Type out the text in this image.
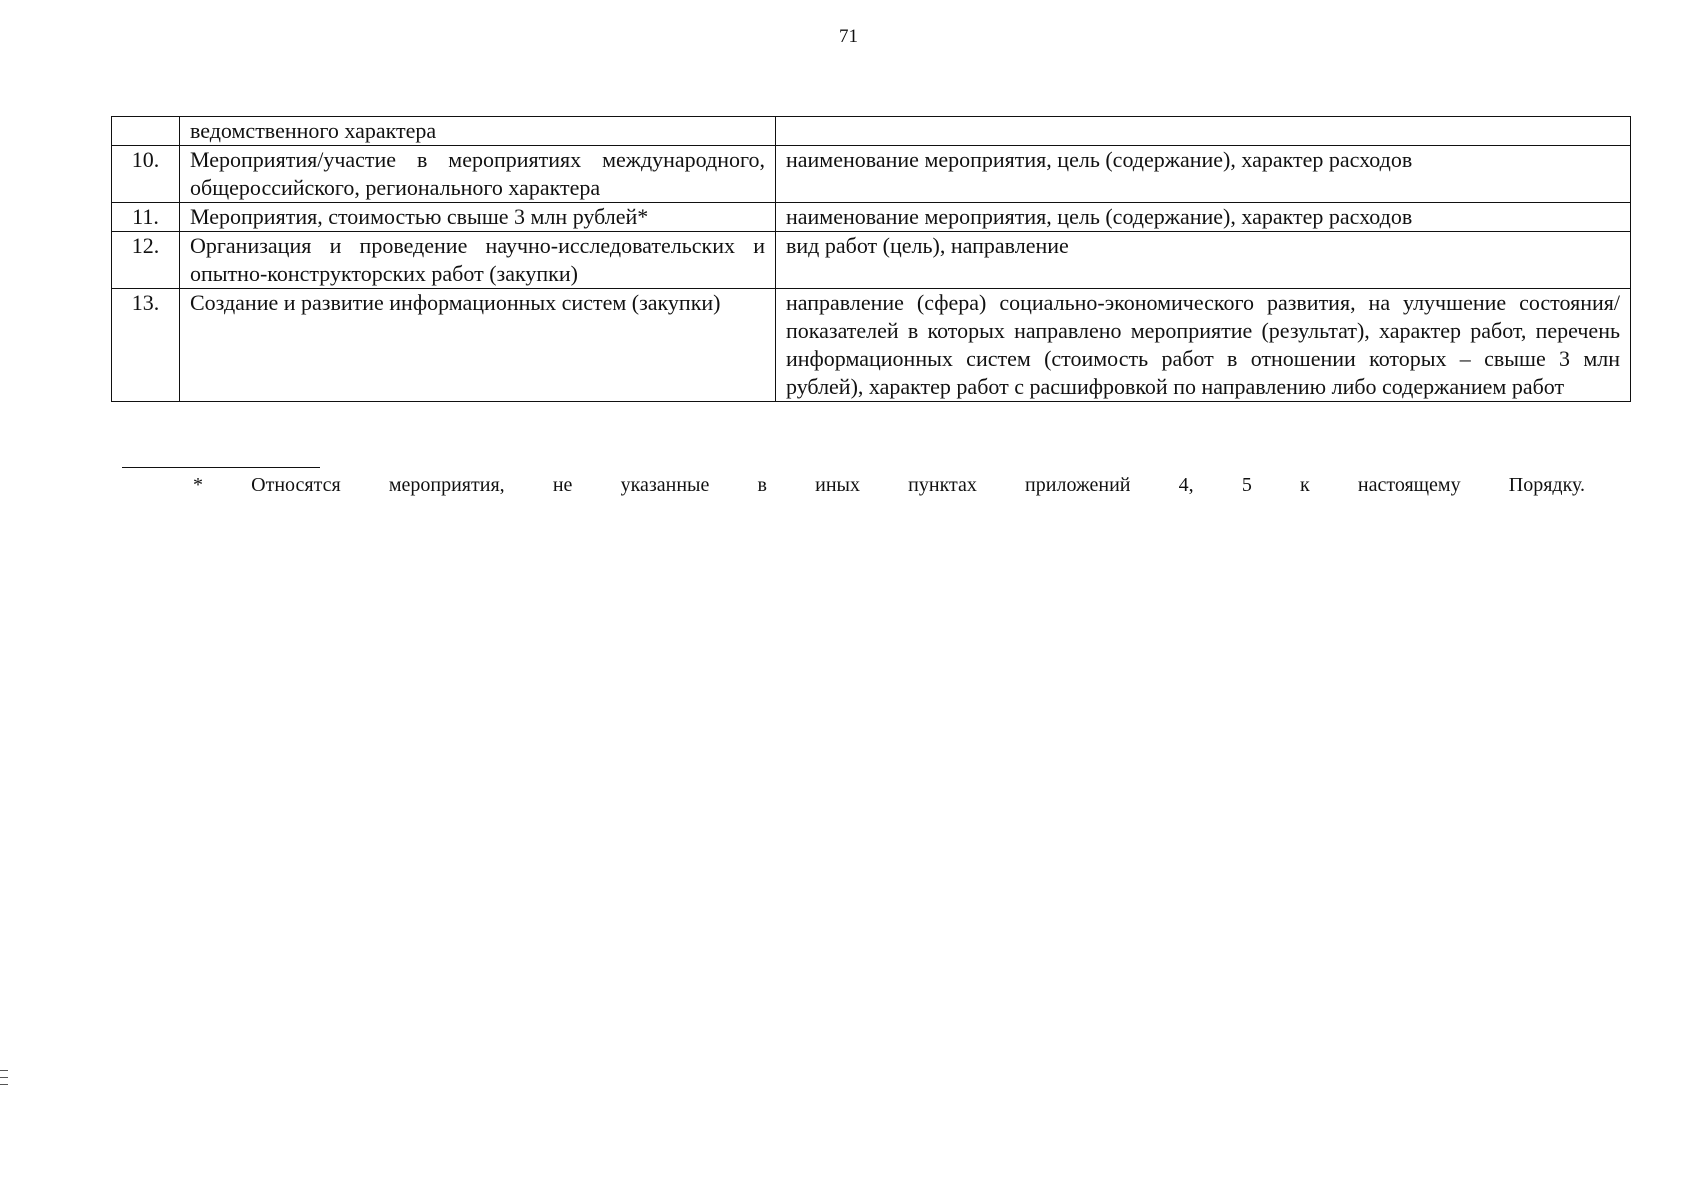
71
	ведомственного характера	
10.	Мероприятия/участие в мероприятиях международного, общероссийского, регионального характера	наименование мероприятия, цель (содержание), характер расходов
11.	Мероприятия, стоимостью свыше 3 млн рублей*	наименование мероприятия, цель (содержание), характер расходов
12.	Организация и проведение научно-исследовательских и опытно-конструкторских работ (закупки)	вид работ (цель), направление
13.	Создание и развитие информационных систем (закупки)	направление (сфера) социально-экономического развития, на улучшение состояния/показателей в которых направлено мероприятие (результат), характер работ, перечень информационных систем (стоимость работ в отношении которых – свыше 3 млн рублей), характер работ с расшифровкой по направлению либо содержанием работ
* Относятся мероприятия, не указанные в иных пунктах приложений 4, 5 к настоящему Порядку.
